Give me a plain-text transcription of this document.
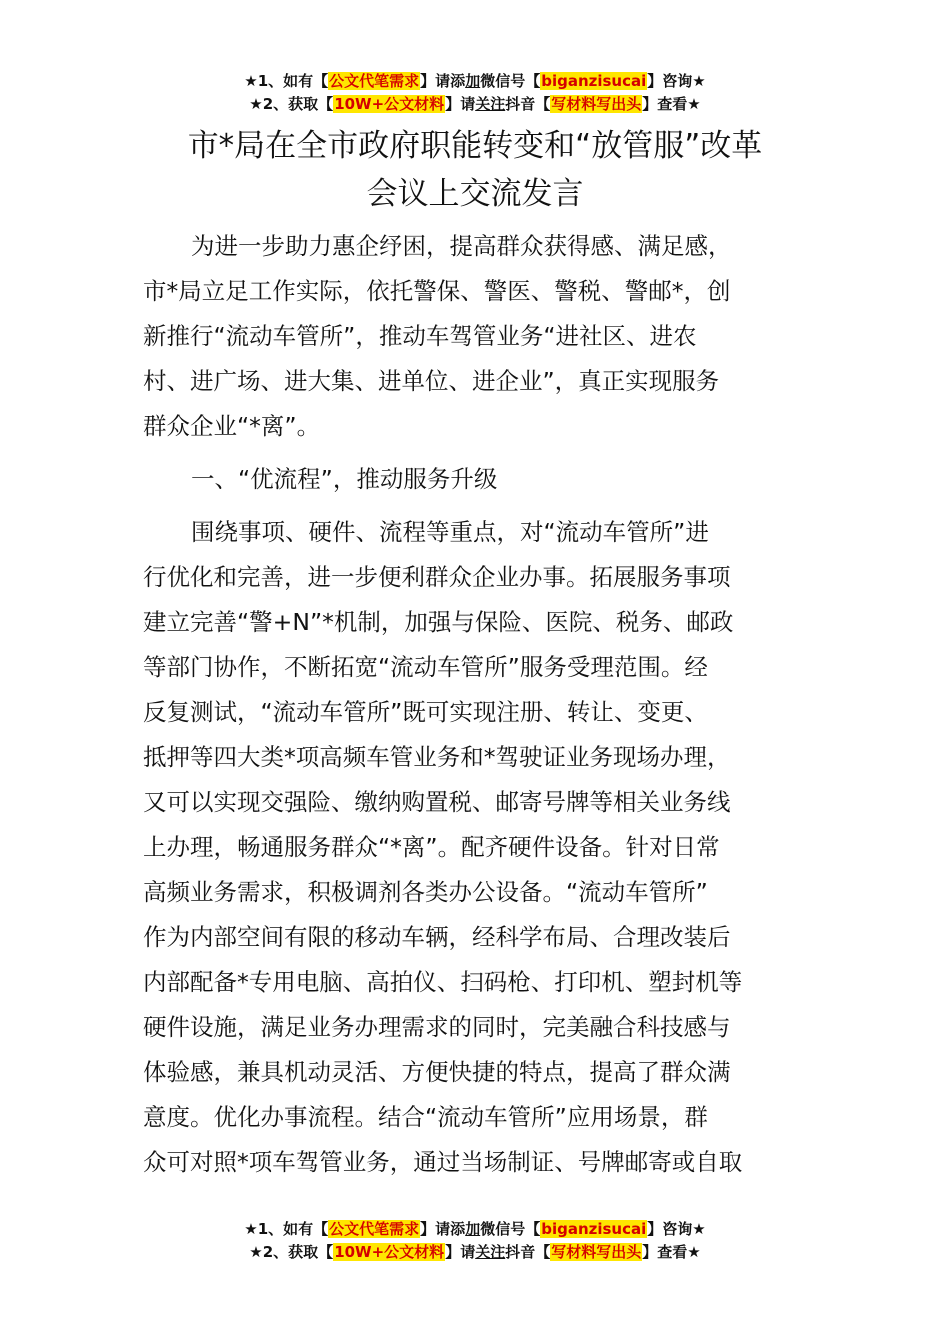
★1、如有【公文代笔需求】请添加微信号【biganzisucai】咨询★
★2、获取【10W+公文材料】请关注抖音【写材料写出头】查看★
市*局在全市政府职能转变和“放管服”改革
会议上交流发言
为进一步助力惠企纾困，提高群众获得感、满足感，
市*局立足工作实际，依托警保、警医、警税、警邮*，创
新推行“流动车管所”，推动车驾管业务“进社区、进农
村、进广场、进大集、进单位、进企业”，真正实现服务
群众企业“*离”。
一、“优流程”，推动服务升级
围绕事项、硬件、流程等重点，对“流动车管所”进
行优化和完善，进一步便利群众企业办事。拓展服务事项
建立完善“警+N”*机制，加强与保险、医院、税务、邮政
等部门协作，不断拓宽“流动车管所”服务受理范围。经
反复测试，“流动车管所”既可实现注册、转让、变更、
抵押等四大类*项高频车管业务和*驾驶证业务现场办理，
又可以实现交强险、缴纳购置税、邮寄号牌等相关业务线
上办理，畅通服务群众“*离”。配齐硬件设备。针对日常
高频业务需求，积极调剂各类办公设备。“流动车管所”
作为内部空间有限的移动车辆，经科学布局、合理改装后
内部配备*专用电脑、高拍仪、扫码枪、打印机、塑封机等
硬件设施，满足业务办理需求的同时，完美融合科技感与
体验感，兼具机动灵活、方便快捷的特点，提高了群众满
意度。优化办事流程。结合“流动车管所”应用场景，群
众可对照*项车驾管业务，通过当场制证、号牌邮寄或自取
★1、如有【公文代笔需求】请添加微信号【biganzisucai】咨询★
★2、获取【10W+公文材料】请关注抖音【写材料写出头】查看★
